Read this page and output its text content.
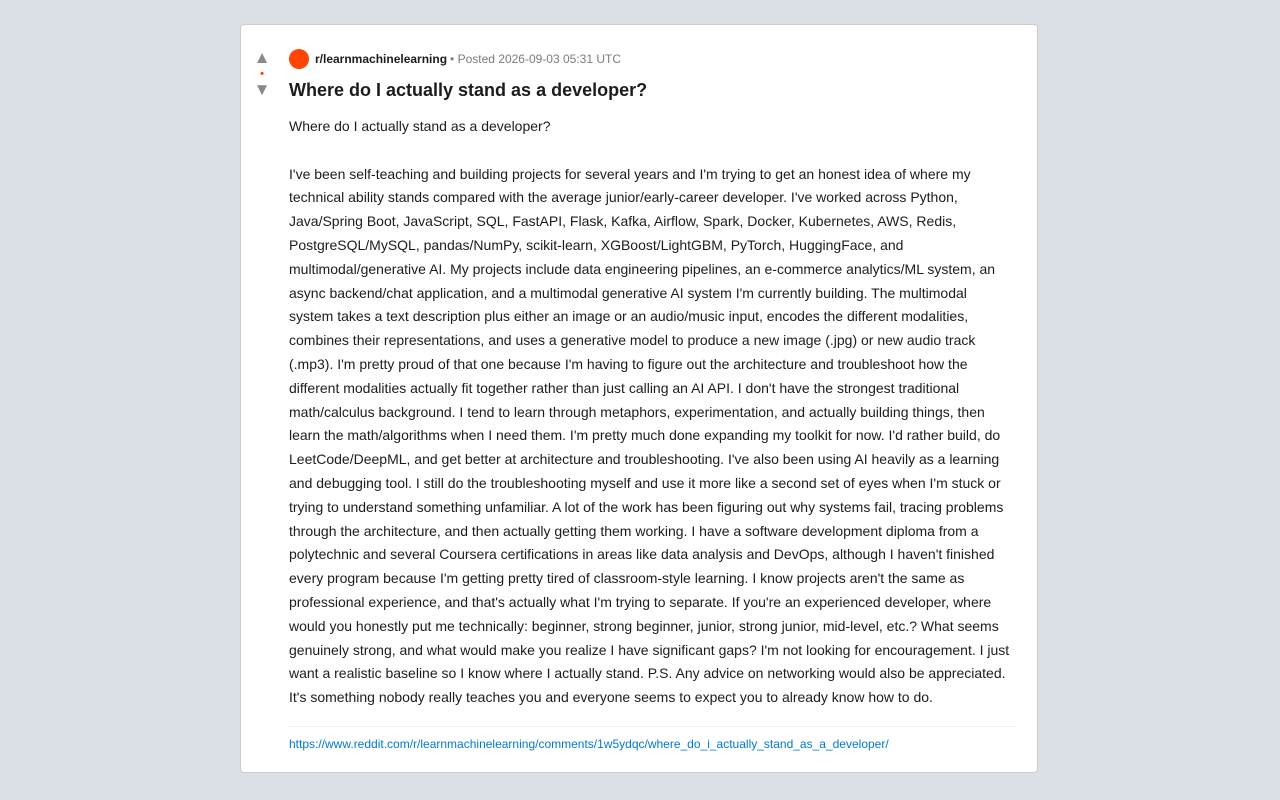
▲
•
▼
r/learnmachinelearning • Posted 2026-09-03 05:31 UTC
Where do I actually stand as a developer?

Where do I actually stand as a developer?

I've been self-teaching and building projects for several years and I'm trying to get an honest idea of where my technical ability stands compared with the average junior/early-career developer. I've worked across Python, Java/Spring Boot, JavaScript, SQL, FastAPI, Flask, Kafka, Airflow, Spark, Docker, Kubernetes, AWS, Redis, PostgreSQL/MySQL, pandas/NumPy, scikit-learn, XGBoost/LightGBM, PyTorch, HuggingFace, and multimodal/generative AI. My projects include data engineering pipelines, an e-commerce analytics/ML system, an async backend/chat application, and a multimodal generative AI system I'm currently building. The multimodal system takes a text description plus either an image or an audio/music input, encodes the different modalities, combines their representations, and uses a generative model to produce a new image (.jpg) or new audio track (.mp3). I'm pretty proud of that one because I'm having to figure out the architecture and troubleshoot how the different modalities actually fit together rather than just calling an AI API. I don't have the strongest traditional math/calculus background. I tend to learn through metaphors, experimentation, and actually building things, then learn the math/algorithms when I need them. I'm pretty much done expanding my toolkit for now. I'd rather build, do LeetCode/DeepML, and get better at architecture and troubleshooting. I've also been using AI heavily as a learning and debugging tool. I still do the troubleshooting myself and use it more like a second set of eyes when I'm stuck or trying to understand something unfamiliar. A lot of the work has been figuring out why systems fail, tracing problems through the architecture, and then actually getting them working. I have a software development diploma from a polytechnic and several Coursera certifications in areas like data analysis and DevOps, although I haven't finished every program because I'm getting pretty tired of classroom-style learning. I know projects aren't the same as professional experience, and that's actually what I'm trying to separate. If you're an experienced developer, where would you honestly put me technically: beginner, strong beginner, junior, strong junior, mid-level, etc.? What seems genuinely strong, and what would make you realize I have significant gaps? I'm not looking for encouragement. I just want a realistic baseline so I know where I actually stand. P.S. Any advice on networking would also be appreciated. It's something nobody really teaches you and everyone seems to expect you to already know how to do.

https://www.reddit.com/r/learnmachinelearning/comments/1w5ydqc/where_do_i_actually_stand_as_a_developer/
